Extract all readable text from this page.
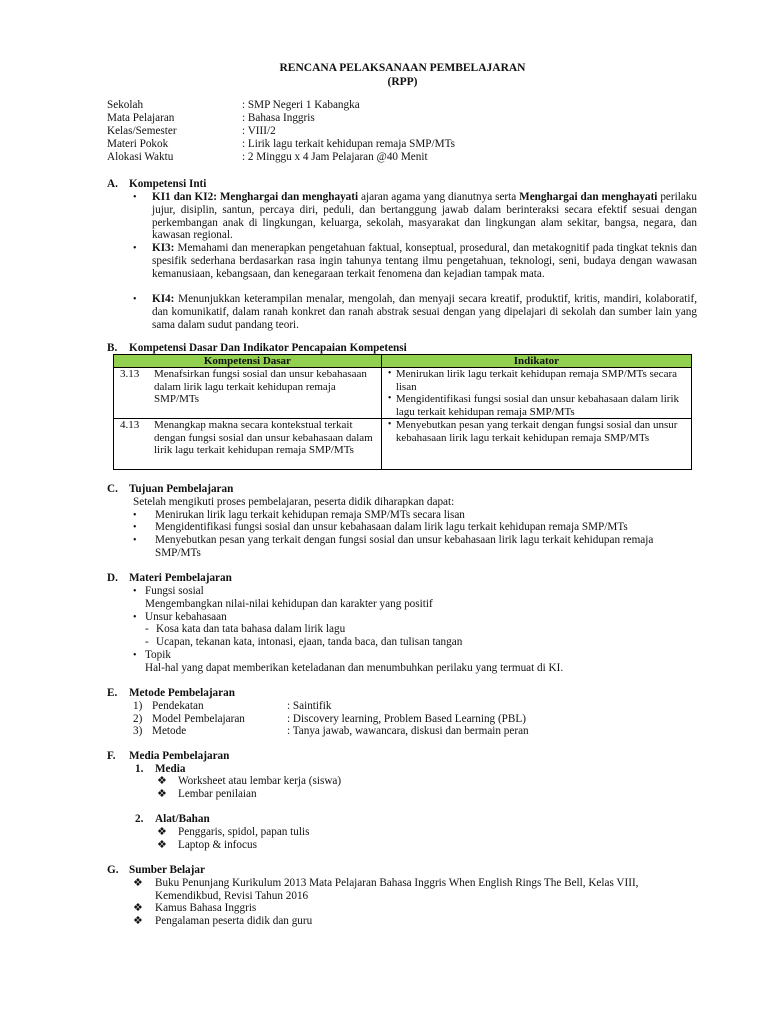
RENCANA PELAKSANAAN PEMBELAJARAN
(RPP)
Sekolah	: SMP Negeri 1 Kabangka
Mata Pelajaran	: Bahasa Inggris
Kelas/Semester	: VIII/2
Materi Pokok	: Lirik lagu terkait kehidupan remaja SMP/MTs
Alokasi Waktu	: 2 Minggu x 4 Jam Pelajaran @40 Menit
A. Kompetensi Inti
• KI1 dan KI2: Menghargai dan menghayati ajaran agama yang dianutnya serta Menghargai dan menghayati perilaku jujur, disiplin, santun, percaya diri, peduli, dan bertanggung jawab dalam berinteraksi secara efektif sesuai dengan perkembangan anak di lingkungan, keluarga, sekolah, masyarakat dan lingkungan alam sekitar, bangsa, negara, dan kawasan regional.
• KI3: Memahami dan menerapkan pengetahuan faktual, konseptual, prosedural, dan metakognitif pada tingkat teknis dan spesifik sederhana berdasarkan rasa ingin tahunya tentang ilmu pengetahuan, teknologi, seni, budaya dengan wawasan kemanusiaan, kebangsaan, dan kenegaraan terkait fenomena dan kejadian tampak mata.
• KI4: Menunjukkan keterampilan menalar, mengolah, dan menyaji secara kreatif, produktif, kritis, mandiri, kolaboratif, dan komunikatif, dalam ranah konkret dan ranah abstrak sesuai dengan yang dipelajari di sekolah dan sumber lain yang sama dalam sudut pandang teori.
B. Kompetensi Dasar Dan Indikator Pencapaian Kompetensi
Kompetensi Dasar	Indikator
3.13 Menafsirkan fungsi sosial dan unsur kebahasaan dalam lirik lagu terkait kehidupan remaja SMP/MTs	• Menirukan lirik lagu terkait kehidupan remaja SMP/MTs secara lisan
• Mengidentifikasi fungsi sosial dan unsur kebahasaan dalam lirik lagu terkait kehidupan remaja SMP/MTs

4.13 Menangkap makna secara kontekstual terkait dengan fungsi sosial dan unsur kebahasaan dalam lirik lagu terkait kehidupan remaja SMP/MTs	• Menyebutkan pesan yang terkait dengan fungsi sosial dan unsur kebahasaan lirik lagu terkait kehidupan remaja SMP/MTs
C. Tujuan Pembelajaran
Setelah mengikuti proses pembelajaran, peserta didik diharapkan dapat:
• Menirukan lirik lagu terkait kehidupan remaja SMP/MTs secara lisan
• Mengidentifikasi fungsi sosial dan unsur kebahasaan dalam lirik lagu terkait kehidupan remaja SMP/MTs
• Menyebutkan pesan yang terkait dengan fungsi sosial dan unsur kebahasaan lirik lagu terkait kehidupan remaja SMP/MTs
D. Materi Pembelajaran
• Fungsi sosial
Mengembangkan nilai-nilai kehidupan dan karakter yang positif
• Unsur kebahasaan
- Kosa kata dan tata bahasa dalam lirik lagu
- Ucapan, tekanan kata, intonasi, ejaan, tanda baca, dan tulisan tangan
• Topik
Hal-hal yang dapat memberikan keteladanan dan menumbuhkan perilaku yang termuat di KI.
E. Metode Pembelajaran
1) Pendekatan	: Saintifik
2) Model Pembelajaran	: Discovery learning, Problem Based Learning (PBL)
3) Metode	: Tanya jawab, wawancara, diskusi dan bermain peran
F. Media Pembelajaran
1. Media
❖ Worksheet atau lembar kerja (siswa)
❖ Lembar penilaian
2. Alat/Bahan
❖ Penggaris, spidol, papan tulis
❖ Laptop & infocus
G. Sumber Belajar
❖ Buku Penunjang Kurikulum 2013 Mata Pelajaran Bahasa Inggris When English Rings The Bell, Kelas VIII, Kemendikbud, Revisi Tahun 2016
❖ Kamus Bahasa Inggris
❖ Pengalaman peserta didik dan guru
